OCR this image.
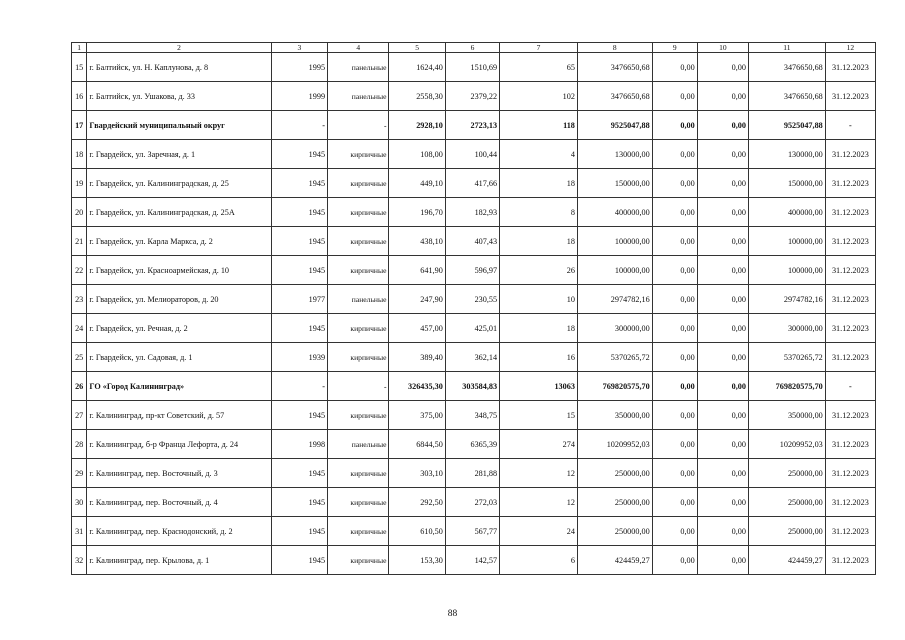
1	2	3	4	5	6	7	8	9	10	11	12
15	г. Балтийск, ул. Н. Каплунова, д. 8	1995	панельные	1624,40	1510,69	65	3476650,68	0,00	0,00	3476650,68	31.12.2023
16	г. Балтийск, ул. Ушакова, д. 33	1999	панельные	2558,30	2379,22	102	3476650,68	0,00	0,00	3476650,68	31.12.2023
17	Гвардейский муниципальный округ	-	-	2928,10	2723,13	118	9525047,88	0,00	0,00	9525047,88	-
18	г. Гвардейск, ул. Заречная, д. 1	1945	кирпичные	108,00	100,44	4	130000,00	0,00	0,00	130000,00	31.12.2023
19	г. Гвардейск, ул. Калининградская, д. 25	1945	кирпичные	449,10	417,66	18	150000,00	0,00	0,00	150000,00	31.12.2023
20	г. Гвардейск, ул. Калининградская, д. 25А	1945	кирпичные	196,70	182,93	8	400000,00	0,00	0,00	400000,00	31.12.2023
21	г. Гвардейск, ул. Карла Маркса, д. 2	1945	кирпичные	438,10	407,43	18	100000,00	0,00	0,00	100000,00	31.12.2023
22	г. Гвардейск, ул. Красноармейская, д. 10	1945	кирпичные	641,90	596,97	26	100000,00	0,00	0,00	100000,00	31.12.2023
23	г. Гвардейск, ул. Мелиораторов, д. 20	1977	панельные	247,90	230,55	10	2974782,16	0,00	0,00	2974782,16	31.12.2023
24	г. Гвардейск, ул. Речная, д. 2	1945	кирпичные	457,00	425,01	18	300000,00	0,00	0,00	300000,00	31.12.2023
25	г. Гвардейск, ул. Садовая, д. 1	1939	кирпичные	389,40	362,14	16	5370265,72	0,00	0,00	5370265,72	31.12.2023
26	ГО «Город Калининград»	-	-	326435,30	303584,83	13063	769820575,70	0,00	0,00	769820575,70	-
27	г. Калининград, пр-кт Советский, д. 57	1945	кирпичные	375,00	348,75	15	350000,00	0,00	0,00	350000,00	31.12.2023
28	г. Калининград, б-р Франца Лефорта, д. 24	1998	панельные	6844,50	6365,39	274	10209952,03	0,00	0,00	10209952,03	31.12.2023
29	г. Калининград, пер. Восточный, д. 3	1945	кирпичные	303,10	281,88	12	250000,00	0,00	0,00	250000,00	31.12.2023
30	г. Калининград, пер. Восточный, д. 4	1945	кирпичные	292,50	272,03	12	250000,00	0,00	0,00	250000,00	31.12.2023
31	г. Калининград, пер. Краснодонский, д. 2	1945	кирпичные	610,50	567,77	24	250000,00	0,00	0,00	250000,00	31.12.2023
32	г. Калининград, пер. Крылова, д. 1	1945	кирпичные	153,30	142,57	6	424459,27	0,00	0,00	424459,27	31.12.2023
88
